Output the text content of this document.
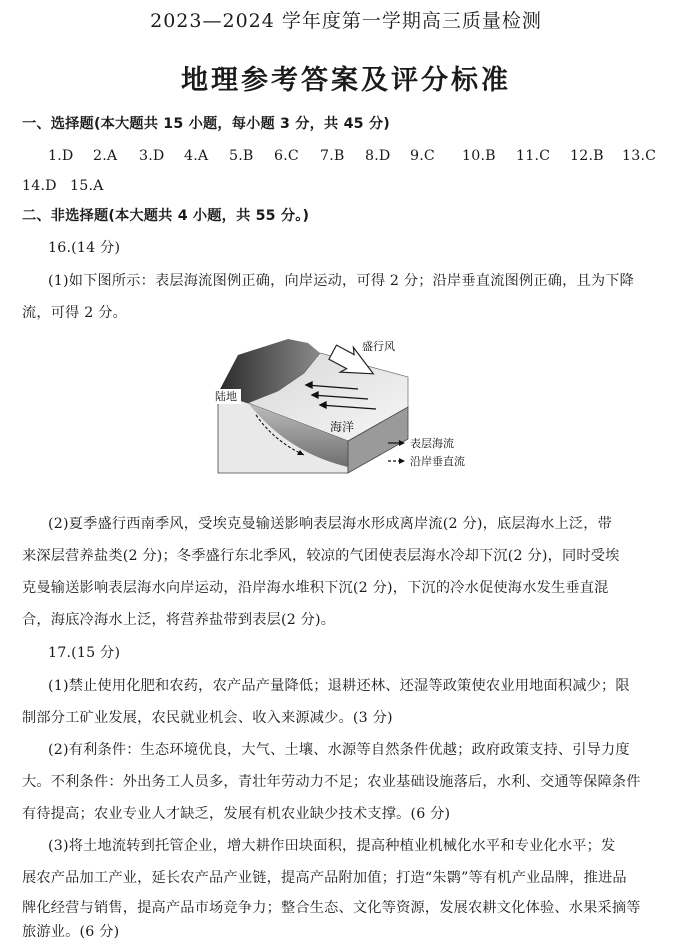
2023—2024 学年度第一学期高三质量检测
地理参考答案及评分标准
一、选择题(本大题共 15 小题，每小题 3 分，共 45 分)
1.D 2.A 3.D 4.A 5.B 6.C 7.B 8.D 9.C 10.B 11.C 12.B 13.C
14.D 15.A
二、非选择题(本大题共 4 小题，共 55 分。)
16.(14 分)
(1)如下图所示：表层海流图例正确，向岸运动，可得 2 分；沿岸垂直流图例正确，且为下降
流，可得 2 分。
盛行风
陆地
海洋
表层海流
沿岸垂直流
(2)夏季盛行西南季风，受埃克曼输送影响表层海水形成离岸流(2 分)，底层海水上泛，带
来深层营养盐类(2 分)；冬季盛行东北季风，较凉的气团使表层海水冷却下沉(2 分)，同时受埃
克曼输送影响表层海水向岸运动，沿岸海水堆积下沉(2 分)，下沉的冷水促使海水发生垂直混
合，海底冷海水上泛，将营养盐带到表层(2 分)。
17.(15 分)
(1)禁止使用化肥和农药，农产品产量降低；退耕还林、还湿等政策使农业用地面积减少；限
制部分工矿业发展，农民就业机会、收入来源减少。(3 分)
(2)有利条件：生态环境优良，大气、土壤、水源等自然条件优越；政府政策支持、引导力度
大。不利条件：外出务工人员多，青壮年劳动力不足；农业基础设施落后，水利、交通等保障条件
有待提高；农业专业人才缺乏，发展有机农业缺少技术支撑。(6 分)
(3)将土地流转到托管企业，增大耕作田块面积，提高种植业机械化水平和专业化水平；发
展农产品加工产业，延长农产品产业链，提高产品附加值；打造“朱鹮”等有机产业品牌，推进品
牌化经营与销售，提高产品市场竞争力；整合生态、文化等资源，发展农耕文化体验、水果采摘等
旅游业。(6 分)
